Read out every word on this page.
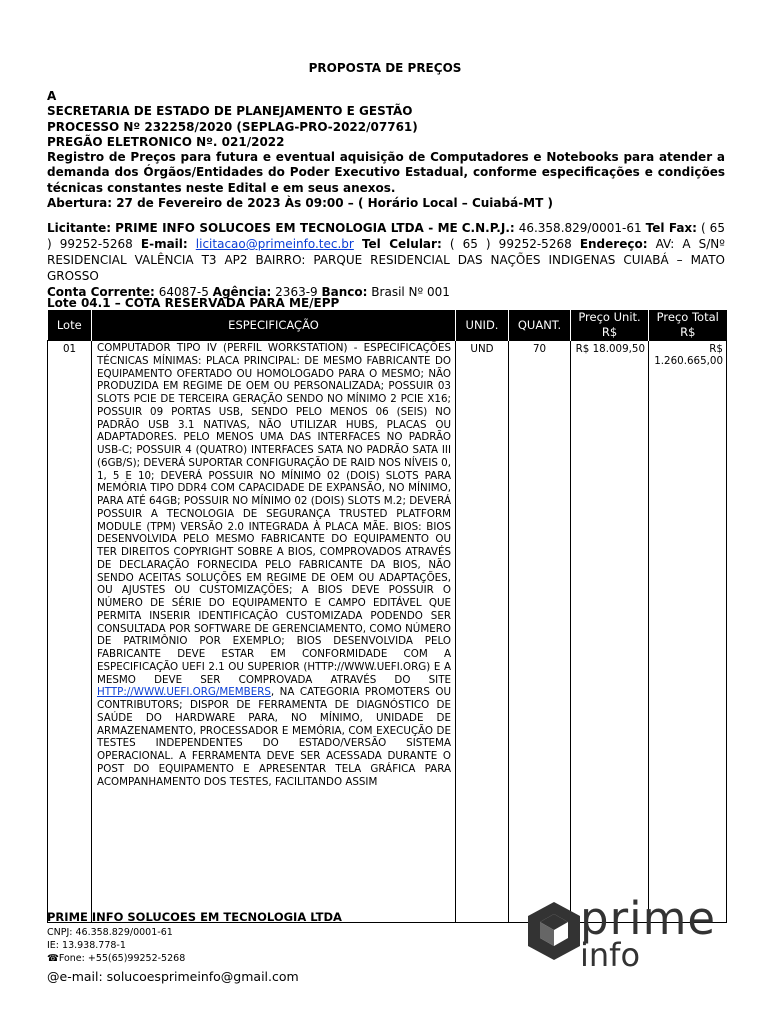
PROPOSTA DE PREÇOS
A
SECRETARIA DE ESTADO DE PLANEJAMENTO E GESTÃO
PROCESSO Nº 232258/2020 (SEPLAG-PRO-2022/07761)
PREGÃO ELETRONICO Nº. 021/2022
Registro de Preços para futura e eventual aquisição de Computadores e Notebooks para atender a demanda dos Órgãos/Entidades do Poder Executivo Estadual, conforme especificações e condições técnicas constantes neste Edital e em seus anexos.
Abertura: 27 de Fevereiro de 2023 Às 09:00 – ( Horário Local – Cuiabá-MT )
Licitante: PRIME INFO SOLUCOES EM TECNOLOGIA LTDA - ME C.N.P.J.: 46.358.829/0001-61 Tel Fax: ( 65 ) 99252-5268 E-mail: licitacao@primeinfo.tec.br Tel Celular: ( 65 ) 99252-5268 Endereço: AV: A S/Nº RESIDENCIAL VALÊNCIA T3 AP2 BAIRRO: PARQUE RESIDENCIAL DAS NAÇÕES INDIGENAS CUIABÁ – MATO GROSSO
Conta Corrente: 64087-5 Agência: 2363-9 Banco: Brasil Nº 001
Lote 04.1 – COTA RESERVADA PARA ME/EPP
Lote	ESPECIFICAÇÃO	UNID.	QUANT.	Preço Unit. R$	Preço Total R$
01	COMPUTADOR TIPO IV (PERFIL WORKSTATION) - ESPECIFICAÇÕES TÉCNICAS MÍNIMAS: PLACA PRINCIPAL: DE MESMO FABRICANTE DO EQUIPAMENTO OFERTADO OU HOMOLOGADO PARA O MESMO; NÃO PRODUZIDA EM REGIME DE OEM OU PERSONALIZADA; POSSUIR 03 SLOTS PCIE DE TERCEIRA GERAÇÃO SENDO NO MÍNIMO 2 PCIE X16; POSSUIR 09 PORTAS USB, SENDO PELO MENOS 06 (SEIS) NO PADRÃO USB 3.1 NATIVAS, NÃO UTILIZAR HUBS, PLACAS OU ADAPTADORES. PELO MENOS UMA DAS INTERFACES NO PADRÃO USB-C; POSSUIR 4 (QUATRO) INTERFACES SATA NO PADRÃO SATA III (6GB/S); DEVERÁ SUPORTAR CONFIGURAÇÃO DE RAID NOS NÍVEIS 0, 1, 5 E 10; DEVERÁ POSSUIR NO MÍNIMO 02 (DOIS) SLOTS PARA MEMÓRIA TIPO DDR4 COM CAPACIDADE DE EXPANSÃO, NO MÍNIMO, PARA ATÉ 64GB; POSSUIR NO MÍNIMO 02 (DOIS) SLOTS M.2; DEVERÁ POSSUIR A TECNOLOGIA DE SEGURANÇA TRUSTED PLATFORM MODULE (TPM) VERSÃO 2.0 INTEGRADA À PLACA MÃE. BIOS: BIOS DESENVOLVIDA PELO MESMO FABRICANTE DO EQUIPAMENTO OU TER DIREITOS COPYRIGHT SOBRE A BIOS, COMPROVADOS ATRAVÉS DE DECLARAÇÃO FORNECIDA PELO FABRICANTE DA BIOS, NÃO SENDO ACEITAS SOLUÇÕES EM REGIME DE OEM OU ADAPTAÇÕES, OU AJUSTES OU CUSTOMIZAÇÕES; A BIOS DEVE POSSUIR O NÚMERO DE SÉRIE DO EQUIPAMENTO E CAMPO EDITÁVEL QUE PERMITA INSERIR IDENTIFICAÇÃO CUSTOMIZADA PODENDO SER CONSULTADA POR SOFTWARE DE GERENCIAMENTO, COMO NÚMERO DE PATRIMÔNIO POR EXEMPLO; BIOS DESENVOLVIDA PELO FABRICANTE DEVE ESTAR EM CONFORMIDADE COM A ESPECIFICAÇÃO UEFI 2.1 OU SUPERIOR (HTTP://WWW.UEFI.ORG) E A MESMO DEVE SER COMPROVADA ATRAVÉS DO SITE HTTP://WWW.UEFI.ORG/MEMBERS, NA CATEGORIA PROMOTERS OU CONTRIBUTORS; DISPOR DE FERRAMENTA DE DIAGNÓSTICO DE SAÚDE DO HARDWARE PARA, NO MÍNIMO, UNIDADE DE ARMAZENAMENTO, PROCESSADOR E MEMÓRIA, COM EXECUÇÃO DE TESTES INDEPENDENTES DO ESTADO/VERSÃO SISTEMA OPERACIONAL. A FERRAMENTA DEVE SER ACESSADA DURANTE O POST DO EQUIPAMENTO E APRESENTAR TELA GRÁFICA PARA ACOMPANHAMENTO DOS TESTES, FACILITANDO ASSIM	UND	70	R$ 18.009,50	R$ 1.260.665,00
PRIME INFO SOLUCOES EM TECNOLOGIA LTDA
CNPJ: 46.358.829/0001-61
IE: 13.938.778-1
☎Fone: +55(65)99252-5268
@e-mail: solucoesprimeinfo@gmail.com
prime
info
